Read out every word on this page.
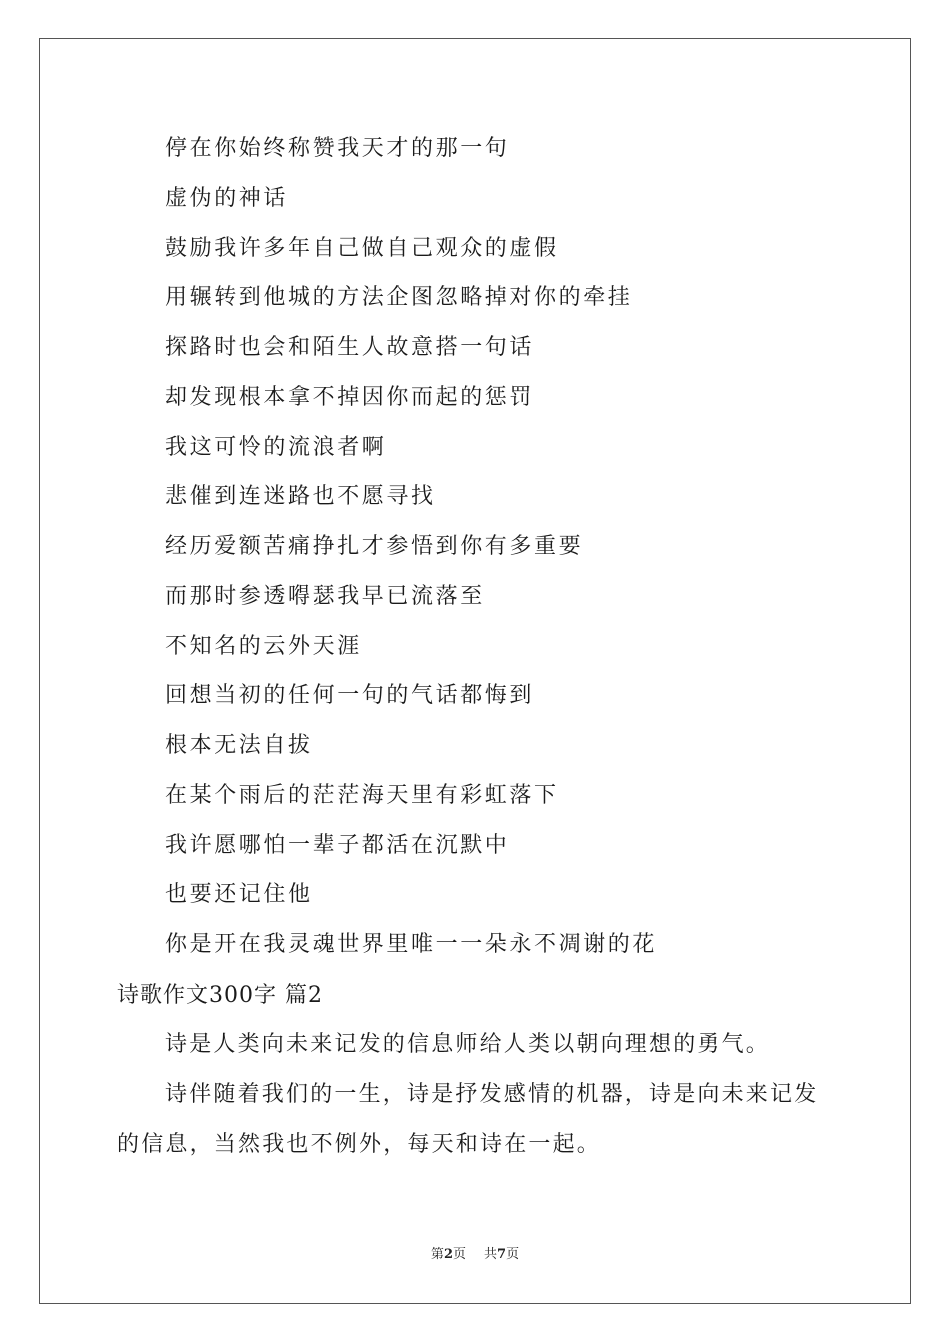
停在你始终称赞我天才的那一句
虚伪的神话
鼓励我许多年自己做自己观众的虚假
用辗转到他城的方法企图忽略掉对你的牵挂
探路时也会和陌生人故意搭一句话
却发现根本拿不掉因你而起的惩罚
我这可怜的流浪者啊
悲催到连迷路也不愿寻找
经历爱额苦痛挣扎才参悟到你有多重要
而那时参透嘚瑟我早已流落至
不知名的云外天涯
回想当初的任何一句的气话都悔到
根本无法自拔
在某个雨后的茫茫海天里有彩虹落下
我许愿哪怕一辈子都活在沉默中
也要还记住他
你是开在我灵魂世界里唯一一朵永不凋谢的花
诗歌作文300字 篇2
诗是人类向未来记发的信息师给人类以朝向理想的勇气。
诗伴随着我们的一生，诗是抒发感情的机器，诗是向未来记发的信息，当然我也不例外，每天和诗在一起。
第2页 共7页
